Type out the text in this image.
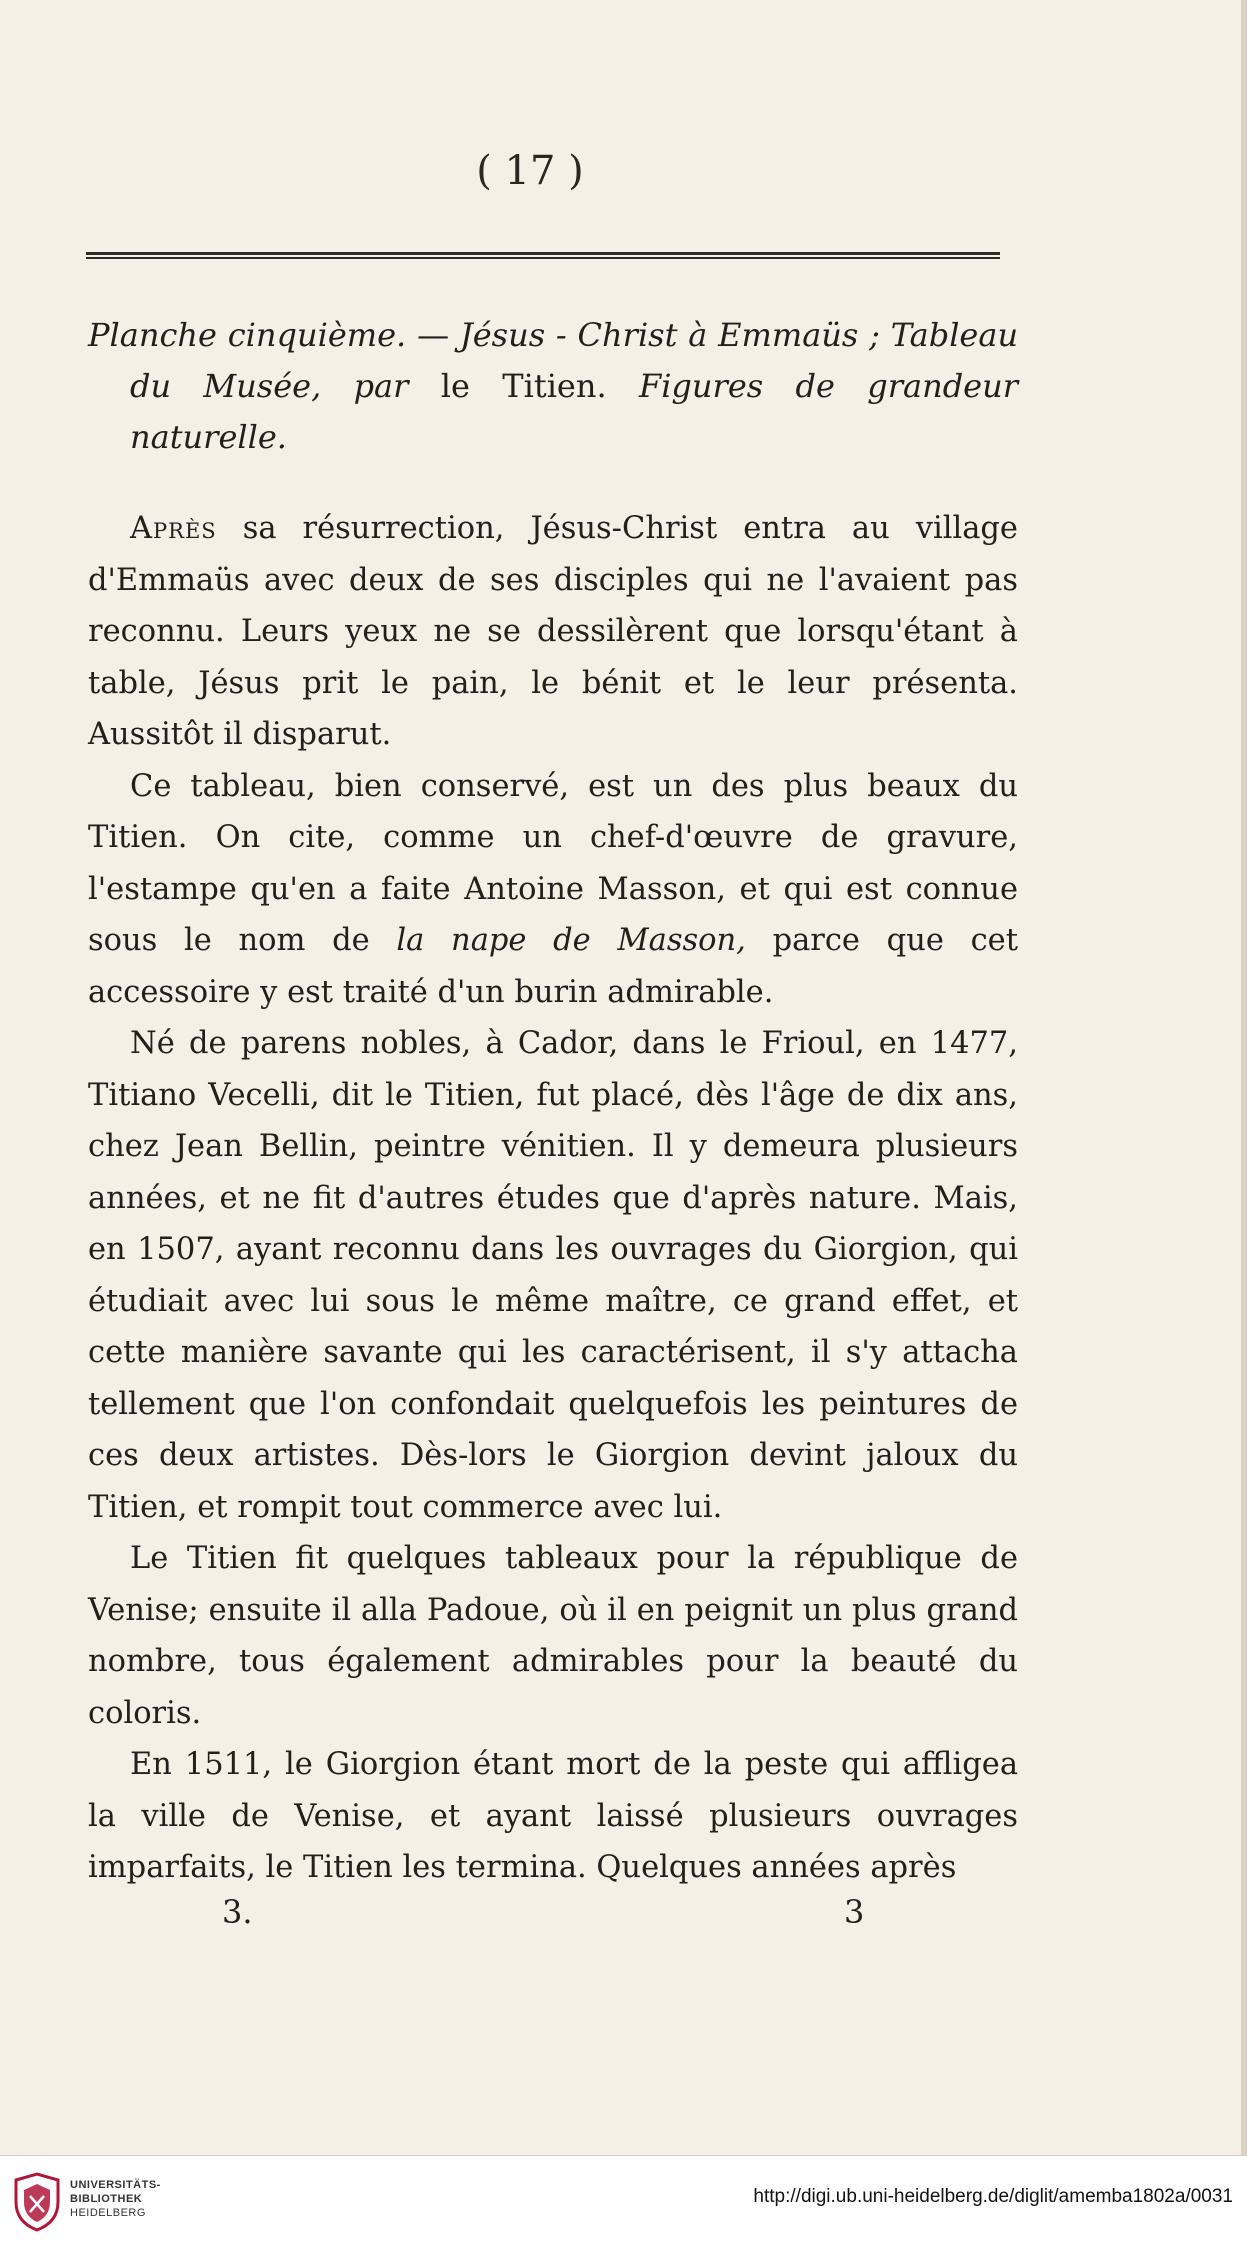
( 17 )

Planche cinquième. — Jésus - Christ à Emmaüs ; Tableau du Musée, par le Titien. Figures de grandeur naturelle.

Après sa résurrection, Jésus-Christ entra au village d'Emmaüs avec deux de ses disciples qui ne l'avaient pas reconnu. Leurs yeux ne se dessilèrent que lorsqu'étant à table, Jésus prit le pain, le bénit et le leur présenta. Aussitôt il disparut.

Ce tableau, bien conservé, est un des plus beaux du Titien. On cite, comme un chef-d'œuvre de gravure, l'estampe qu'en a faite Antoine Masson, et qui est connue sous le nom de la nape de Masson, parce que cet accessoire y est traité d'un burin admirable.

Né de parens nobles, à Cador, dans le Frioul, en 1477, Titiano Vecelli, dit le Titien, fut placé, dès l'âge de dix ans, chez Jean Bellin, peintre vénitien. Il y demeura plusieurs années, et ne fit d'autres études que d'après nature. Mais, en 1507, ayant reconnu dans les ouvrages du Giorgion, qui étudiait avec lui sous le même maître, ce grand effet, et cette manière savante qui les caractérisent, il s'y attacha tellement que l'on confondait quelquefois les peintures de ces deux artistes. Dès-lors le Giorgion devint jaloux du Titien, et rompit tout commerce avec lui.

Le Titien fit quelques tableaux pour la république de Venise; ensuite il alla Padoue, où il en peignit un plus grand nombre, tous également admirables pour la beauté du coloris.

En 1511, le Giorgion étant mort de la peste qui affligea la ville de Venise, et ayant laissé plusieurs ouvrages imparfaits, le Titien les termina. Quelques années après

3.	3
UNIVERSITÄTS-
BIBLIOTHEK
HEIDELBERG
http://digi.ub.uni-heidelberg.de/diglit/amemba1802a/0031
